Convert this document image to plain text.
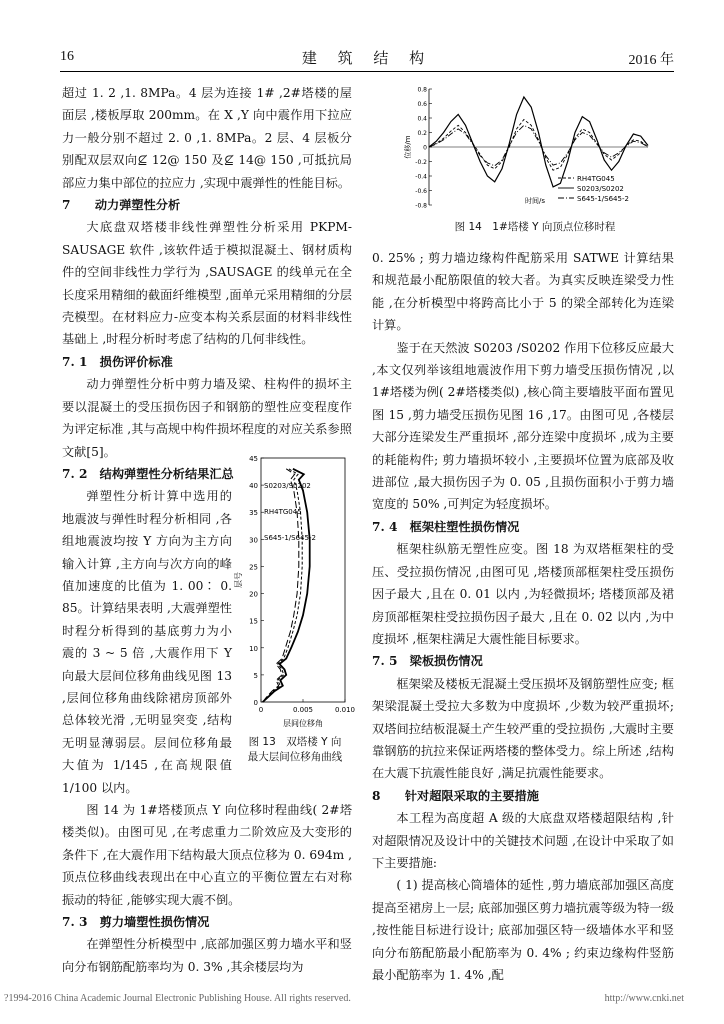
16	建 筑 结 构	2016 年

超过 1. 2 ,1. 8MPa。4 层为连接 1# ,2#塔楼的屋面层 ,楼板厚取 200mm。在 X ,Y 向中震作用下拉应力一般分别不超过 2. 0 ,1. 8MPa。2 层、4 层板分别配双层双向⊈ 12@ 150 及⊈ 14@ 150 ,可抵抗局部应力集中部位的拉应力 ,实现中震弹性的性能目标。

7　　动力弹塑性分析

大底盘双塔楼非线性弹塑性分析采用 PKPM-SAUSAGE 软件 ,该软件适于模拟混凝土、钢材质构件的空间非线性力学行为 ,SAUSAGE 的线单元在全长度采用精细的截面纤维模型 ,面单元采用精细的分层壳模型。在材料应力-应变本构关系层面的材料非线性基础上 ,时程分析时考虑了结构的几何非线性。

7. 1　损伤评价标准

动力弹塑性分析中剪力墙及梁、柱构件的损坏主要以混凝土的受压损伤因子和钢筋的塑性应变程度作为评定标准 ,其与高规中构件损坏程度的对应关系参照文献[5]。

7. 2　结构弹塑性分析结果汇总

弹塑性分析计算中选用的地震波与弹性时程分析相同 ,各组地震波均按 Y 方向为主方向输入计算 ,主方向与次方向的峰值加速度的比值为 1. 00∶ 0. 85。计算结果表明 ,大震弹塑性时程分析得到的基底剪力为小震的 3 ~ 5 倍 ,大震作用下 Y 向最大层间位移角曲线见图 13 ,层间位移角曲线除裙房顶部外总体较光滑 ,无明显突变 ,结构无明显薄弱层。层间位移角最大值为 1/145 ,在高规限值 1/100 以内。

图 14 为 1#塔楼顶点 Y 向位移时程曲线( 2#塔楼类似)。由图可见 ,在考虑重力二阶效应及大变形的条件下 ,在大震作用下结构最大顶点位移为 0. 694m ,顶点位移曲线表现出在中心直立的平衡位置左右对称振动的特征 ,能够实现大震不倒。

7. 3　剪力墙塑性损伤情况

在弹塑性分析模型中 ,底部加强区剪力墙水平和竖向分布钢筋配筋率均为 0. 3% ,其余楼层均为

0
5
10
15
20
25
30
35
40
45
0	0.005	0.010
层号
层间位移角
S0203/S0202
RH4TG045
S645-1/S645-2
图 13　双塔楼 Y 向
最大层间位移角曲线

0. 25% ; 剪力墙边缘构件配筋采用 SATWE 计算结果和规范最小配筋限值的较大者。为真实反映连梁受力性能 ,在分析模型中将跨高比小于 5 的梁全部转化为连梁计算。

鉴于在天然波 S0203 /S0202 作用下位移反应最大 ,本文仅列举该组地震波作用下剪力墙受压损伤情况 ,以 1#塔楼为例( 2#塔楼类似) ,核心筒主要墙肢平面布置见图 15 ,剪力墙受压损伤见图 16 ,17。由图可见 ,各楼层大部分连梁发生严重损坏 ,部分连梁中度损坏 ,成为主要的耗能构件; 剪力墙损坏较小 ,主要损坏位置为底部及收进部位 ,最大损伤因子为 0. 05 ,且损伤面积小于剪力墙宽度的 50% ,可判定为轻度损坏。

7. 4　框架柱塑性损伤情况

框架柱纵筋无塑性应变。图 18 为双塔框架柱的受压、受拉损伤情况 ,由图可见 ,塔楼顶部框架柱受压损伤因子最大 ,且在 0. 01 以内 ,为轻微损坏; 塔楼顶部及裙房顶部框架柱受拉损伤因子最大 ,且在 0. 02 以内 ,为中度损坏 ,框架柱满足大震性能目标要求。

7. 5　梁板损伤情况

框架梁及楼板无混凝土受压损坏及钢筋塑性应变; 框架梁混凝土受拉大多数为中度损坏 ,少数为较严重损坏; 双塔间拉结板混凝土产生较严重的受拉损伤 ,大震时主要靠钢筋的抗拉来保证两塔楼的整体受力。综上所述 ,结构在大震下抗震性能良好 ,满足抗震性能要求。

8　　针对超限采取的主要措施

本工程为高度超 A 级的大底盘双塔楼超限结构 ,针对超限情况及设计中的关键技术问题 ,在设计中采取了如下主要措施:

( 1) 提高核心筒墙体的延性 ,剪力墙底部加强区高度提高至裙房上一层; 底部加强区剪力墙抗震等级为特一级 ,按性能目标进行设计; 底部加强区特一级墙体水平和竖向分布筋配筋最小配筋率为 0. 4% ; 约束边缘构件竖筋最小配筋率为 1. 4% ,配

0.8
0.6
0.4
0.2
0
-0.2
-0.4
-0.6
-0.8
位移/m
RH4TG045
S0203/S0202
S645-1/S645-2
时间/s
图 14　1#塔楼 Y 向顶点位移时程
?1994-2016 China Academic Journal Electronic Publishing House. All rights reserved.	http://www.cnki.net
